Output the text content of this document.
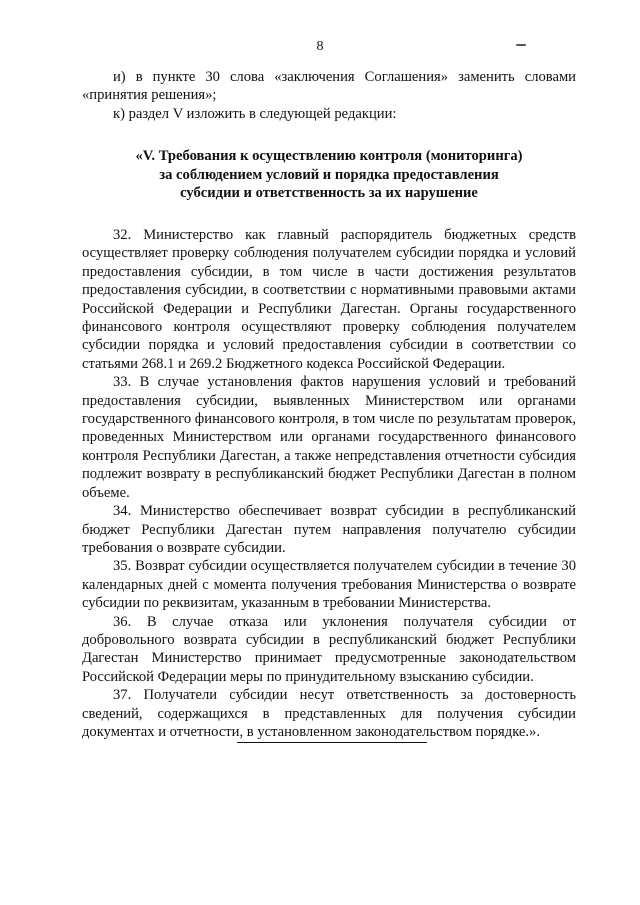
8

и) в пункте 30 слова «заключения Соглашения» заменить словами «принятия решения»;

к) раздел V изложить в следующей редакции:

«V. Требования к осуществлению контроля (мониторинга)
за соблюдением условий и порядка предоставления
субсидии и ответственность за их нарушение

32. Министерство как главный распорядитель бюджетных средств осуществляет проверку соблюдения получателем субсидии порядка и условий предоставления субсидии, в том числе в части достижения результатов предоставления субсидии, в соответствии с нормативными правовыми актами Российской Федерации и Республики Дагестан. Органы государственного финансового контроля осуществляют проверку соблюдения получателем субсидии порядка и условий предоставления субсидии в соответствии со статьями 268.1 и 269.2 Бюджетного кодекса Российской Федерации.

33. В случае установления фактов нарушения условий и требований предоставления субсидии, выявленных Министерством или органами государственного финансового контроля, в том числе по результатам проверок, проведенных Министерством или органами государственного финансового контроля Республики Дагестан, а также непредставления отчетности субсидия подлежит возврату в республиканский бюджет Республики Дагестан в полном объеме.

34. Министерство обеспечивает возврат субсидии в республиканский бюджет Республики Дагестан путем направления получателю субсидии требования о возврате субсидии.

35. Возврат субсидии осуществляется получателем субсидии в течение 30 календарных дней с момента получения требования Министерства о возврате субсидии по реквизитам, указанным в требовании Министерства.

36. В случае отказа или уклонения получателя субсидии от добровольного возврата субсидии в республиканский бюджет Республики Дагестан Министерство принимает предусмотренные законодательством Российской Федерации меры по принудительному взысканию субсидии.

37. Получатели субсидии несут ответственность за достоверность сведений, содержащихся в представленных для получения субсидии документах и отчетности, в установленном законодательством порядке.».
